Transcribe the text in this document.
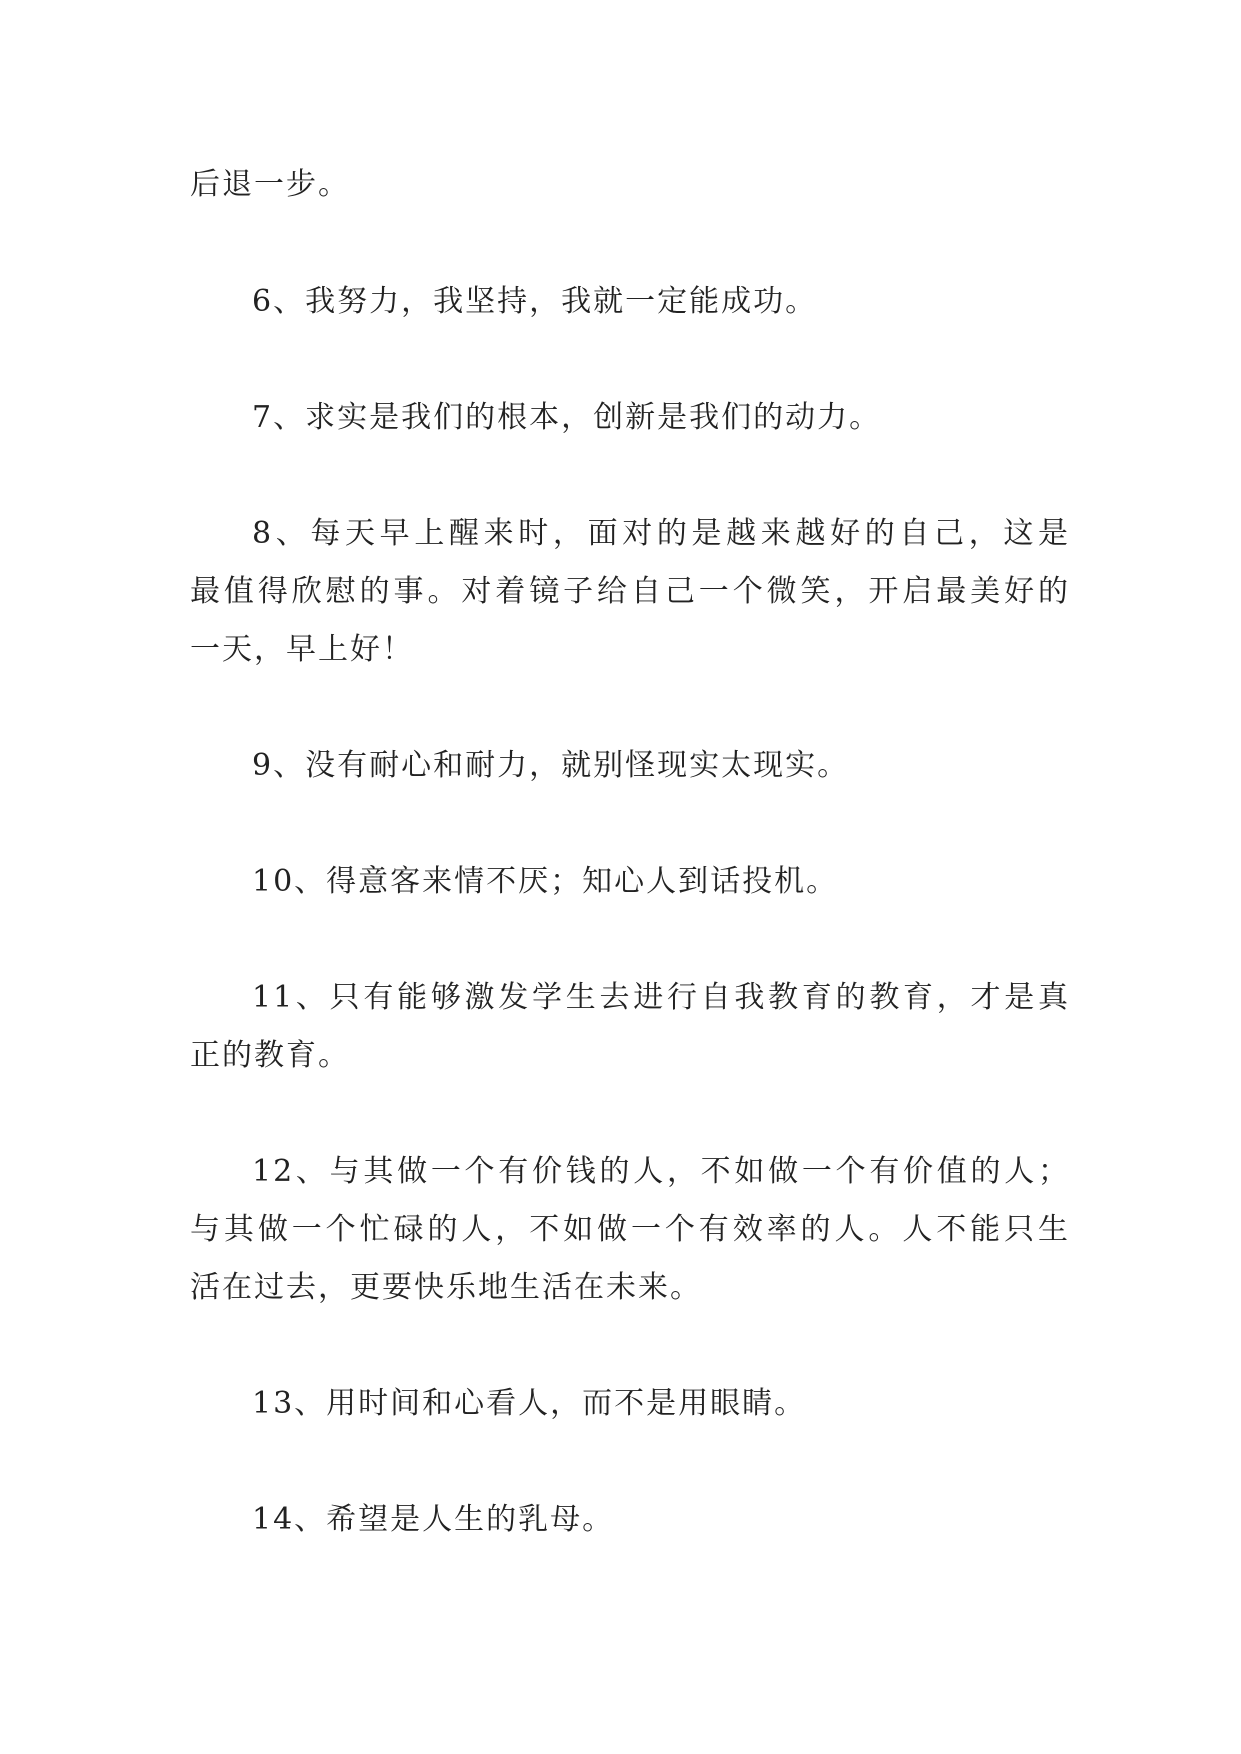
后退一步。
6、我努力，我坚持，我就一定能成功。
7、求实是我们的根本，创新是我们的动力。
8、每天早上醒来时，面对的是越来越好的自己，这是
最值得欣慰的事。对着镜子给自己一个微笑，开启最美好的
一天，早上好！
9、没有耐心和耐力，就别怪现实太现实。
10、得意客来情不厌；知心人到话投机。
11、只有能够激发学生去进行自我教育的教育，才是真
正的教育。
12、与其做一个有价钱的人，不如做一个有价值的人；
与其做一个忙碌的人，不如做一个有效率的人。人不能只生
活在过去，更要快乐地生活在未来。
13、用时间和心看人，而不是用眼睛。
14、希望是人生的乳母。
